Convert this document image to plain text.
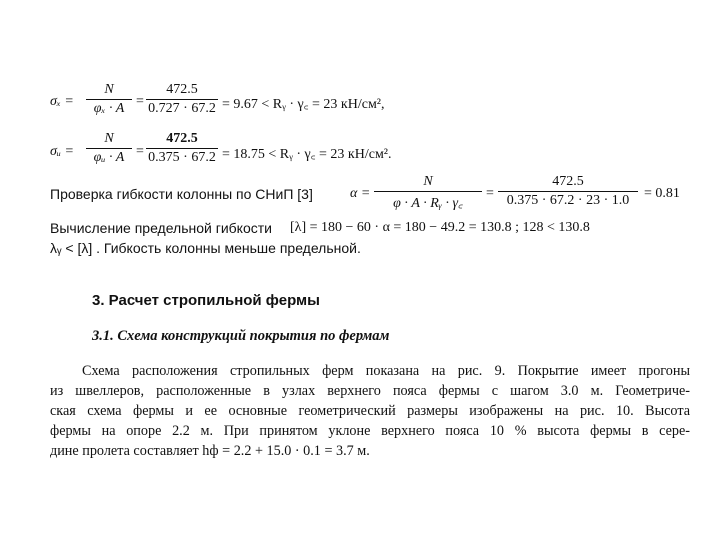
σₓ =
N
φₓ · A =
472.5
0.727 · 67.2 = 9.67 < Rᵧ · γ꜀ = 23 кН/см²,
σᵤ =
N
φᵤ · A =
472.5
0.375 · 67.2 = 18.75 < Rᵧ · γ꜀ = 23 кН/см².
Проверка гибкости колонны по СНиП [3]	α =
N
φ · A · Rᵧ · γ꜀
=
472.5
0.375 · 67.2 · 23 · 1.0	= 0.81
Вычисление предельной гибкости [λ] = 180 − 60 · α = 180 − 49.2 = 130.8 ; 128 < 130.8
λᵧ < [λ] . Гибкость колонны меньше предельной.
3. Расчет стропильной фермы
3.1. Схема конструкций покрытия по фермам
Схема расположения стропильных ферм показана на рис. 9. Покрытие имеет прогоны
из швеллеров, расположенные в узлах верхнего пояса фермы с шагом 3.0 м. Геометриче-
ская схема фермы и ее основные геометрический размеры изображены на рис. 10. Высота
фермы на опоре 2.2 м. При принятом уклоне верхнего пояса 10 % высота фермы в сере-
дине пролета составляет hф = 2.2 + 15.0 · 0.1 = 3.7 м.
